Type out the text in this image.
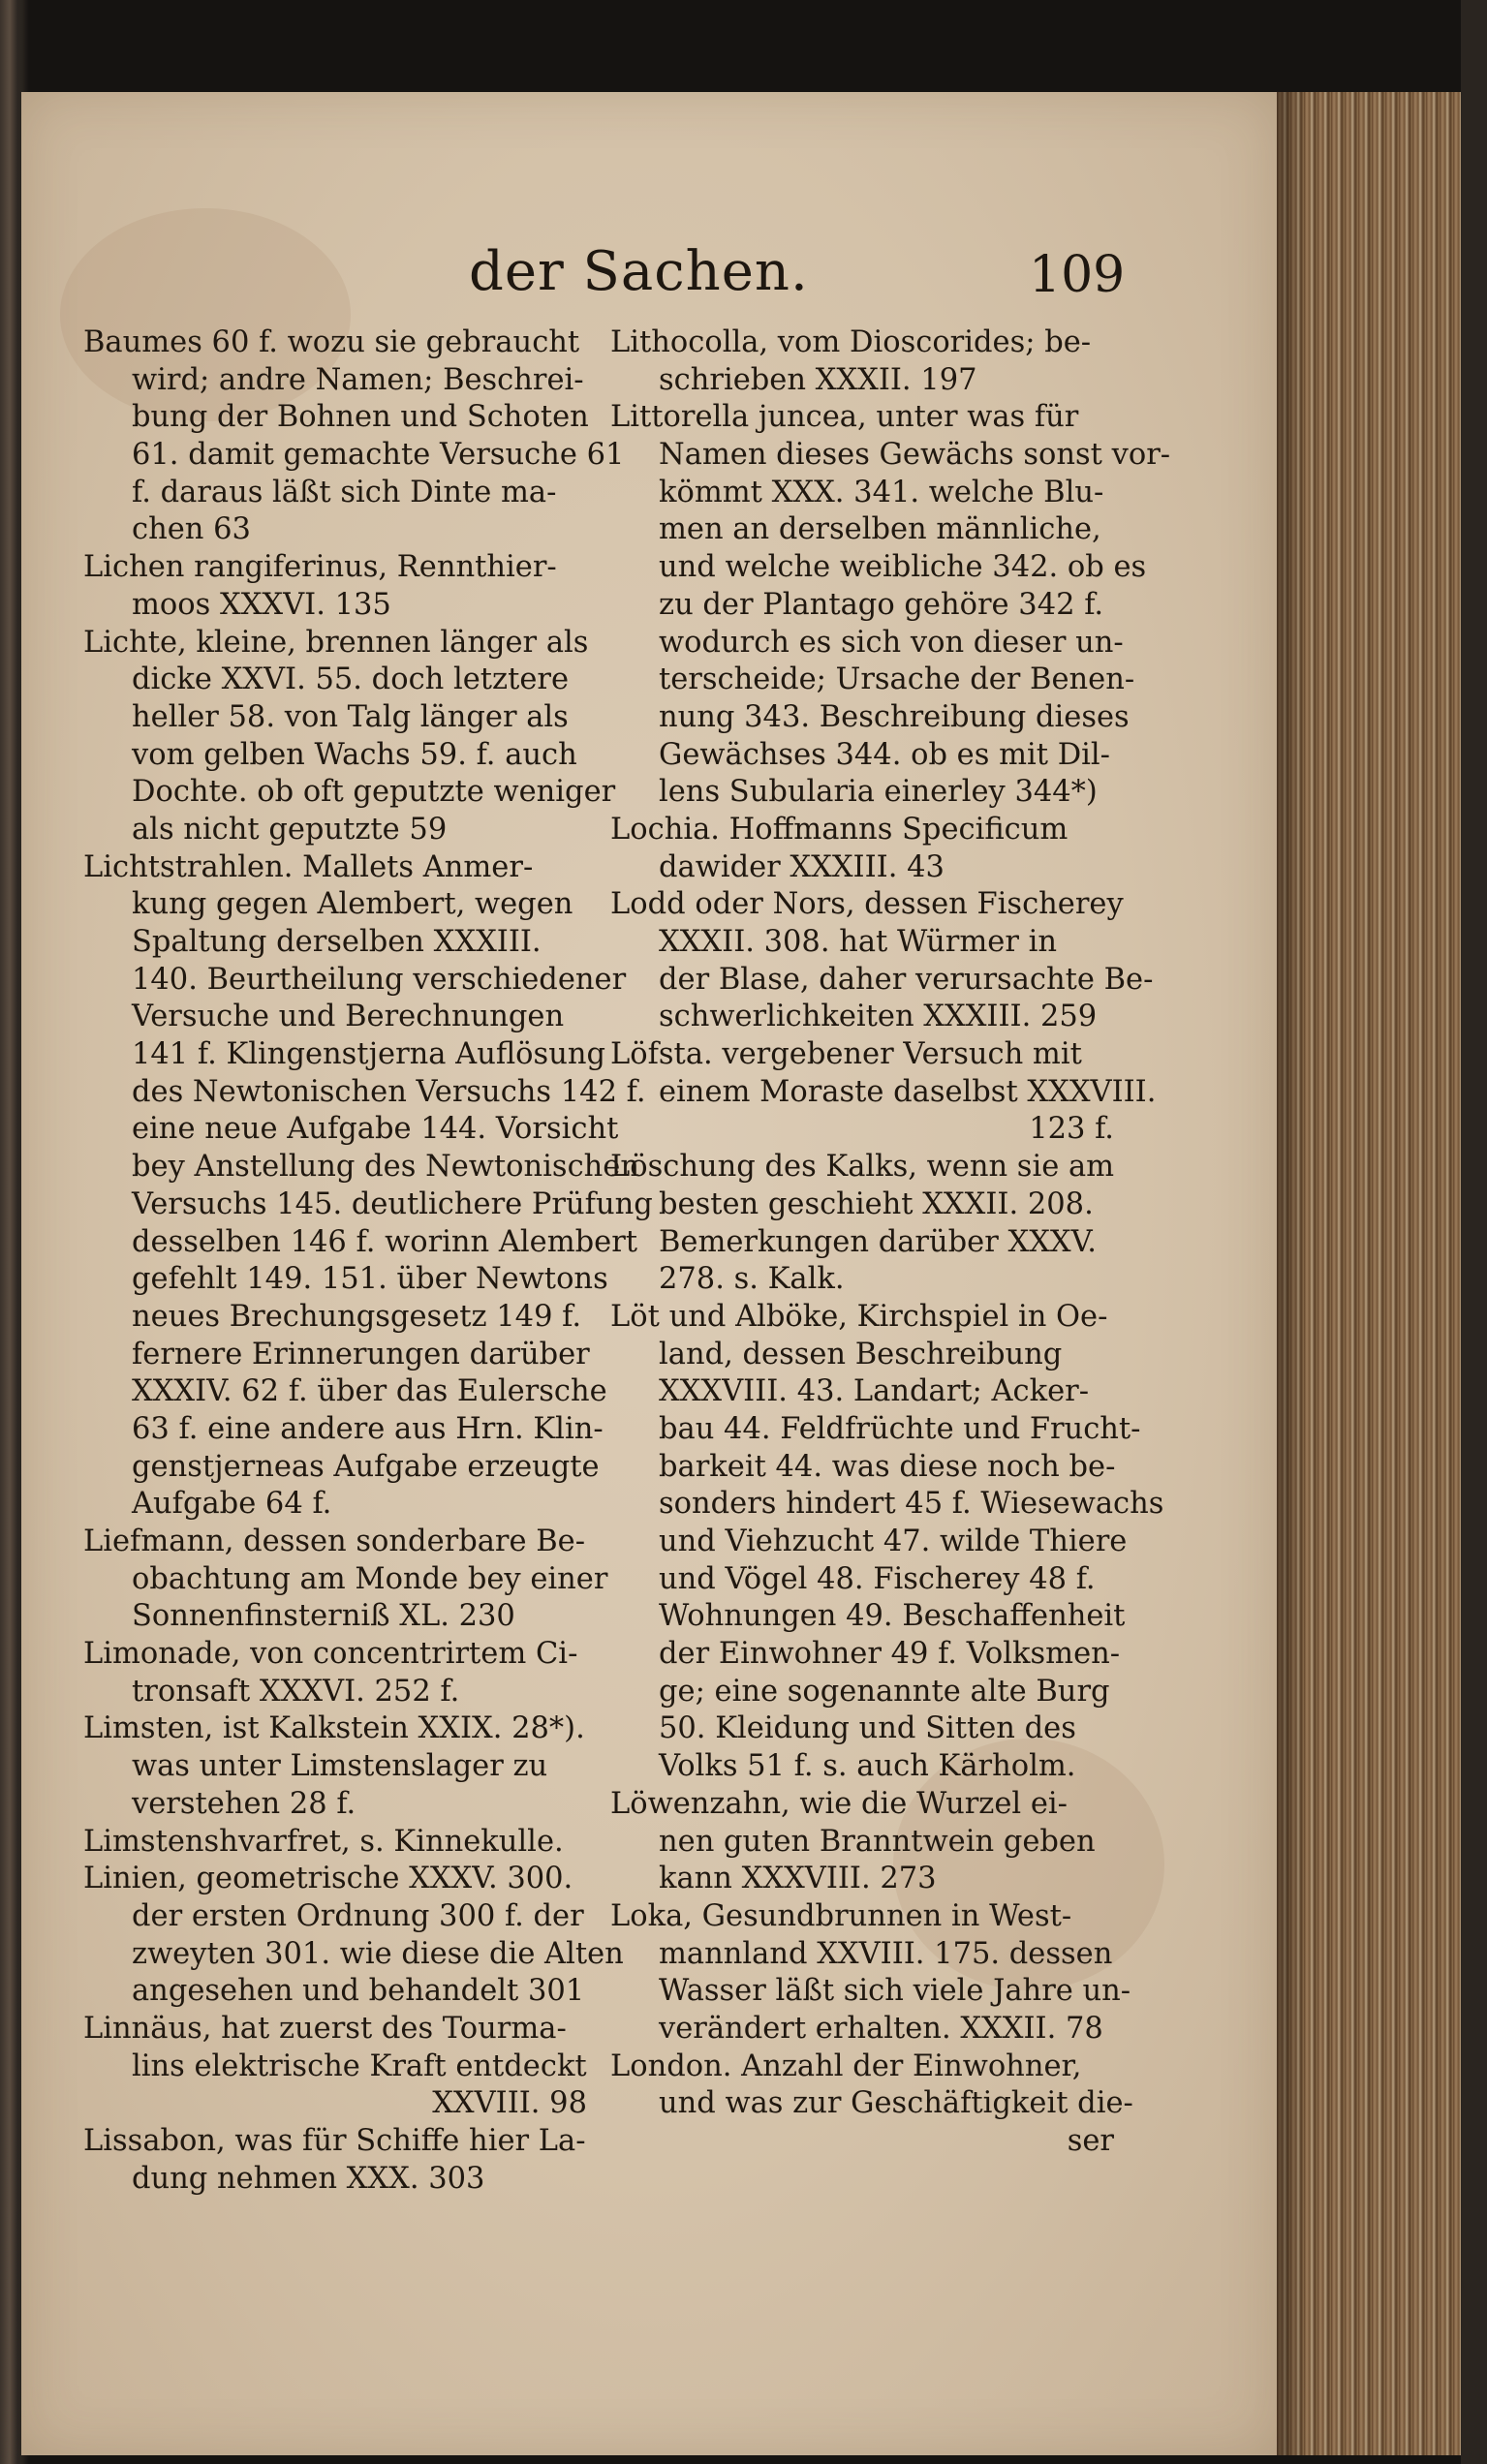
der Sachen.	109
Baumes 60 f. wozu sie gebraucht
wird; andre Namen; Beschrei-
bung der Bohnen und Schoten
61. damit gemachte Versuche 61
f. daraus läßt sich Dinte ma-
chen 63
Lichen rangiferinus, Rennthier-
moos XXXVI. 135
Lichte, kleine, brennen länger als
dicke XXVI. 55. doch letztere
heller 58. von Talg länger als
vom gelben Wachs 59. f. auch
Dochte. ob oft geputzte weniger
als nicht geputzte 59
Lichtstrahlen. Mallets Anmer-
kung gegen Alembert, wegen
Spaltung derselben XXXIII.
140. Beurtheilung verschiedener
Versuche und Berechnungen
141 f. Klingenstjerna Auflösung
des Newtonischen Versuchs 142 f.
eine neue Aufgabe 144. Vorsicht
bey Anstellung des Newtonischen
Versuchs 145. deutlichere Prüfung
desselben 146 f. worinn Alembert
gefehlt 149. 151. über Newtons
neues Brechungsgesetz 149 f.
fernere Erinnerungen darüber
XXXIV. 62 f. über das Eulersche
63 f. eine andere aus Hrn. Klin-
genstjerneas Aufgabe erzeugte
Aufgabe 64 f.
Liefmann, dessen sonderbare Be-
obachtung am Monde bey einer
Sonnenfinsterniß XL. 230
Limonade, von concentrirtem Ci-
tronsaft XXXVI. 252 f.
Limsten, ist Kalkstein XXIX. 28*).
was unter Limstenslager zu
verstehen 28 f.
Limstenshvarfret, s. Kinnekulle.
Linien, geometrische XXXV. 300.
der ersten Ordnung 300 f. der
zweyten 301. wie diese die Alten
angesehen und behandelt 301
Linnäus, hat zuerst des Tourma-
lins elektrische Kraft entdeckt
XXVIII. 98
Lissabon, was für Schiffe hier La-
dung nehmen XXX. 303
Lithocolla, vom Dioscorides; be-
schrieben XXXII. 197
Littorella juncea, unter was für
Namen dieses Gewächs sonst vor-
kömmt XXX. 341. welche Blu-
men an derselben männliche,
und welche weibliche 342. ob es
zu der Plantago gehöre 342 f.
wodurch es sich von dieser un-
terscheide; Ursache der Benen-
nung 343. Beschreibung dieses
Gewächses 344. ob es mit Dil-
lens Subularia einerley 344*)
Lochia. Hoffmanns Specificum
dawider XXXIII. 43
Lodd oder Nors, dessen Fischerey
XXXII. 308. hat Würmer in
der Blase, daher verursachte Be-
schwerlichkeiten XXXIII. 259
Löfsta. vergebener Versuch mit
einem Moraste daselbst XXXVIII.
123 f.
Löschung des Kalks, wenn sie am
besten geschieht XXXII. 208.
Bemerkungen darüber XXXV.
278. s. Kalk.
Löt und Alböke, Kirchspiel in Oe-
land, dessen Beschreibung
XXXVIII. 43. Landart; Acker-
bau 44. Feldfrüchte und Frucht-
barkeit 44. was diese noch be-
sonders hindert 45 f. Wiesewachs
und Viehzucht 47. wilde Thiere
und Vögel 48. Fischerey 48 f.
Wohnungen 49. Beschaffenheit
der Einwohner 49 f. Volksmen-
ge; eine sogenannte alte Burg
50. Kleidung und Sitten des
Volks 51 f. s. auch Kärholm.
Löwenzahn, wie die Wurzel ei-
nen guten Branntwein geben
kann XXXVIII. 273
Loka, Gesundbrunnen in West-
mannland XXVIII. 175. dessen
Wasser läßt sich viele Jahre un-
verändert erhalten. XXXII. 78
London. Anzahl der Einwohner,
und was zur Geschäftigkeit die-
ser
